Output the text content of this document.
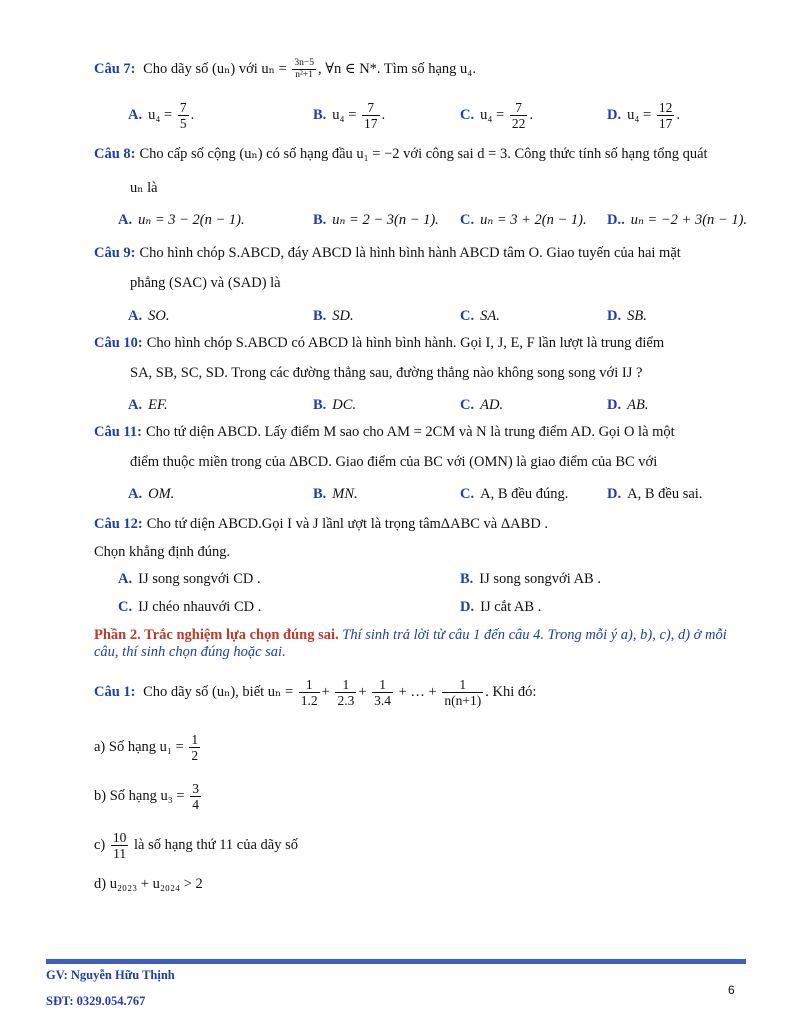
Câu 7: Cho dãy số (uₙ) với $u_n = \frac{3n-5}{\text{n²+1}}$ , ∀n ∈ N*. Tìm số hạng u₄.
A. $u_4 = \frac{7}{5}$ .	B. $u_4 = \frac{7}{17}$ .	C. $u_4 = \frac{7}{22}$ .	D. $u_4 = \frac{12}{17}$ .
Câu 8: Cho cấp số cộng (uₙ) có số hạng đầu u₁ = −2 với công sai d = 3. Công thức tính số hạng tổng quát
uₙ là
A. uₙ = 3 − 2(n − 1).	B. uₙ = 2 − 3(n − 1). C. uₙ = 3 + 2(n − 1). D.. uₙ = −2 + 3(n − 1).
Câu 9: Cho hình chóp S.ABCD, đáy ABCD là hình bình hành ABCD tâm O. Giao tuyến của hai mặt
phẳng (SAC) và (SAD) là
A. SO.	B. SD.	C. SA.	D. SB.
Câu 10: Cho hình chóp S.ABCD có ABCD là hình bình hành. Gọi I, J, E, F lần lượt là trung điểm
SA, SB, SC, SD. Trong các đường thẳng sau, đường thẳng nào không song song với IJ ?
A. EF.	B. DC.	C. AD.	D. AB.
Câu 11: Cho tứ diện ABCD. Lấy điểm M sao cho AM = 2CM và N là trung điểm AD. Gọi O là một
điểm thuộc miền trong của ΔBCD. Giao điểm của BC với (OMN) là giao điểm của BC với
A. OM.	B. MN.	C. A, B đều đúng.	D. A, B đều sai.
Câu 12: Cho tứ diện ABCD.Gọi I và J lầnl ượt là trọng tâmΔABC và ΔABD .
Chọn khẳng định đúng.
A. IJ song songvới CD .	B. IJ song songvới AB .
C. IJ chéo nhauvới CD .	D. IJ cắt AB .
Phần 2. Trắc nghiệm lựa chọn đúng sai. Thí sinh trả lời từ câu 1 đến câu 4. Trong mỗi ý a), b), c), d) ở mỗi câu, thí sinh chọn đúng hoặc sai.
Câu 1: Cho dãy số (uₙ), biết $u_n = \frac{1}{1.2} + \frac{1}{2.3} + \frac{1}{3.4}$ + … + $\frac{1}{n(n+1)}$ . Khi đó:
a) Số hạng $u_1 = \frac{1}{2}$
b) Số hạng $u_3 = \frac{3}{4}$
$c) \frac{10}{11}$ là số hạng thứ 11 của dãy số
d) u₂₀₂₃ + u₂₀₂₄ > 2
GV: Nguyễn Hữu Thịnh
SĐT: 0329.054.767
6
